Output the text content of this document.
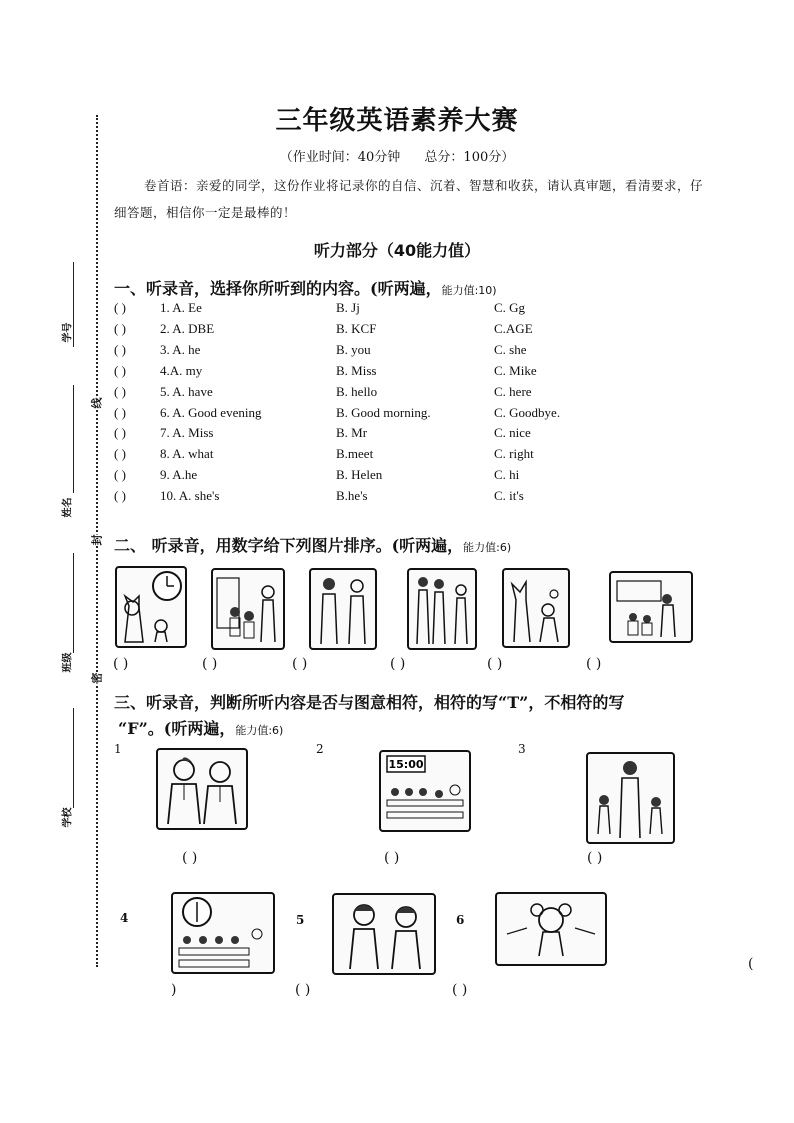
学号
姓名
班级
学校
线
封
密
三年级英语素养大赛
（作业时间：40分钟 总分：100分）
卷首语：亲爱的同学，这份作业将记录你的自信、沉着、智慧和收获，请认真审题，看清要求，仔细答题，相信你一定是最棒的！
听力部分（40能力值）
一、听录音，选择你所听到的内容。(听两遍，能力值:10)
( )	1. A. Ee	B. Jj	C. Gg
( )	2. A. DBE	B. KCF	C.AGE
( )	3. A. he	B. you	C. she
( )	4.A. my	B. Miss	C. Mike
( )	5. A. have	B. hello	C. here
( )	6. A. Good evening	B. Good morning.	C. Goodbye.
( )	7. A. Miss	B. Mr	C. nice
( )	8. A. what	B.meet	C. right
( )	9. A.he	B. Helen	C. hi
( )	10. A. she's	B.he's	C. it's
二、 听录音，用数字给下列图片排序。(听两遍，能力值:6)
( )	( )	( )	( )	( )	( )
三、听录音，判断所听内容是否与图意相符，相符的写“T”，不相符的写
“F”。(听两遍，能力值:6)
1	2	3
15:00
( )	( )	( )
4	5	6
(
)	( )	( )
